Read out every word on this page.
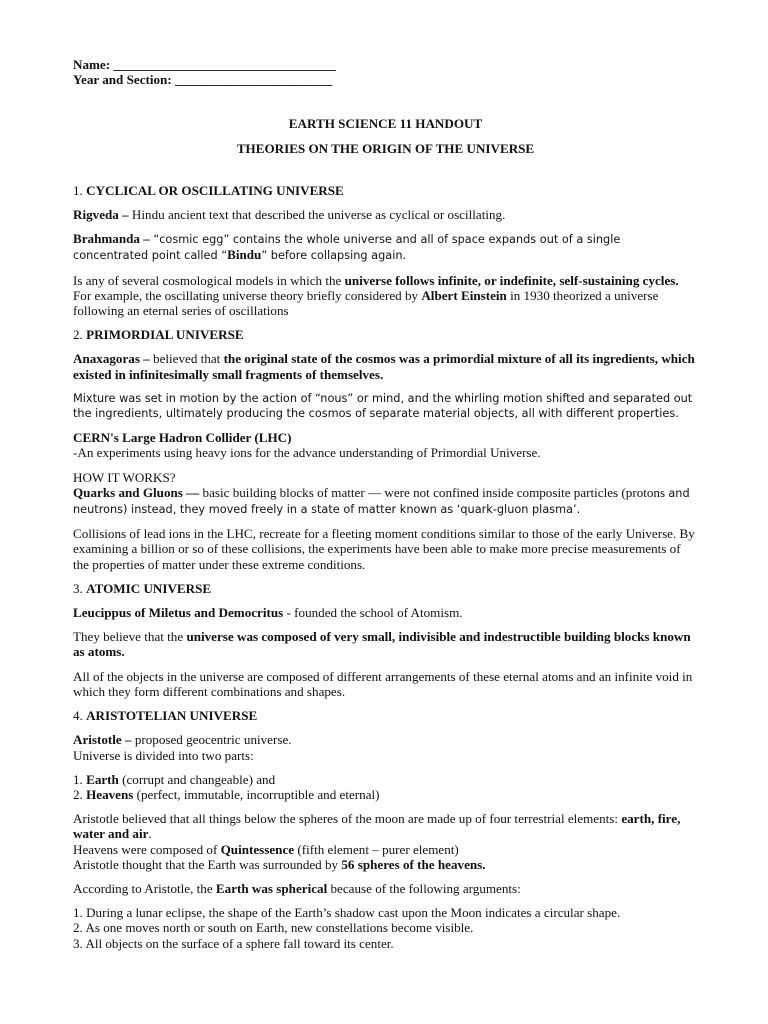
Name: __________________________________

Year and Section: ________________________

EARTH SCIENCE 11 HANDOUT

THEORIES ON THE ORIGIN OF THE UNIVERSE

1. CYCLICAL OR OSCILLATING UNIVERSE

Rigveda – Hindu ancient text that described the universe as cyclical or oscillating.

Brahmanda – “cosmic egg” contains the whole universe and all of space expands out of a single concentrated point called “Bindu” before collapsing again.

Is any of several cosmological models in which the universe follows infinite, or indefinite, self-sustaining cycles. For example, the oscillating universe theory briefly considered by Albert Einstein in 1930 theorized a universe following an eternal series of oscillations

2. PRIMORDIAL UNIVERSE

Anaxagoras – believed that the original state of the cosmos was a primordial mixture of all its ingredients, which existed in infinitesimally small fragments of themselves.

Mixture was set in motion by the action of “nous” or mind, and the whirling motion shifted and separated out the ingredients, ultimately producing the cosmos of separate material objects, all with different properties.

CERN's Large Hadron Collider (LHC)

-An experiments using heavy ions for the advance understanding of Primordial Universe.

HOW IT WORKS?

Quarks and Gluons — basic building blocks of matter — were not confined inside composite particles (protons and neutrons) instead, they moved freely in a state of matter known as ‘quark-gluon plasma’.

Collisions of lead ions in the LHC, recreate for a fleeting moment conditions similar to those of the early Universe. By examining a billion or so of these collisions, the experiments have been able to make more precise measurements of the properties of matter under these extreme conditions.

3. ATOMIC UNIVERSE

Leucippus of Miletus and Democritus - founded the school of Atomism.

They believe that the universe was composed of very small, indivisible and indestructible building blocks known as atoms.

All of the objects in the universe are composed of different arrangements of these eternal atoms and an infinite void in which they form different combinations and shapes.

4. ARISTOTELIAN UNIVERSE

Aristotle – proposed geocentric universe.

Universe is divided into two parts:

1. Earth (corrupt and changeable) and

2. Heavens (perfect, immutable, incorruptible and eternal)

Aristotle believed that all things below the spheres of the moon are made up of four terrestrial elements: earth, fire, water and air.

Heavens were composed of Quintessence (fifth element – purer element)

Aristotle thought that the Earth was surrounded by 56 spheres of the heavens.

According to Aristotle, the Earth was spherical because of the following arguments:

1. During a lunar eclipse, the shape of the Earth’s shadow cast upon the Moon indicates a circular shape.

2. As one moves north or south on Earth, new constellations become visible.

3. All objects on the surface of a sphere fall toward its center.
